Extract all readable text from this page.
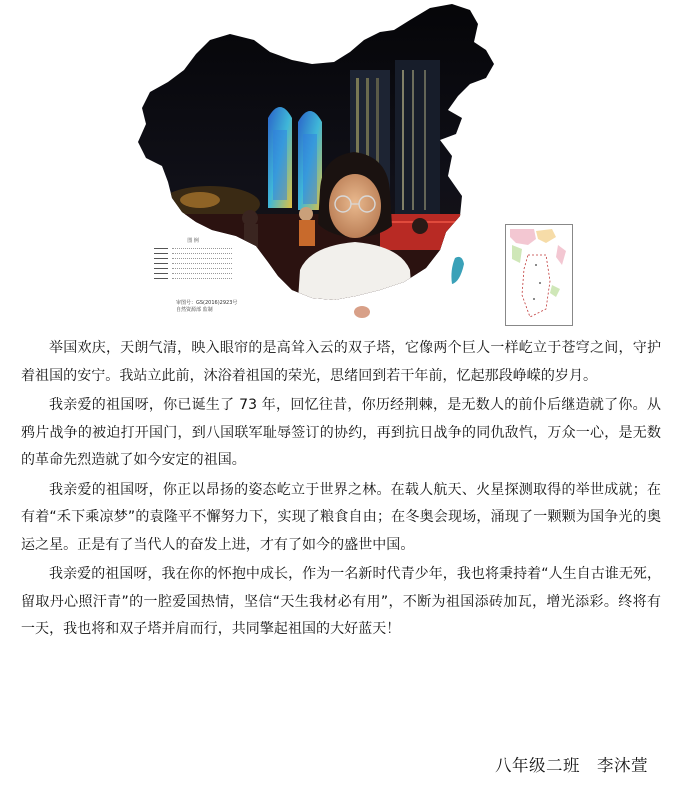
图 例
审图号：GS(2016)2923号
自然资源部 监制

举国欢庆，天朗气清，映入眼帘的是高耸入云的双子塔，它像两个巨人一样屹立于苍穹之间，守护着祖国的安宁。我站立此前，沐浴着祖国的荣光，思绪回到若干年前，忆起那段峥嵘的岁月。

我亲爱的祖国呀，你已诞生了 73 年，回忆往昔，你历经荆棘，是无数人的前仆后继造就了你。从鸦片战争的被迫打开国门，到八国联军耻辱签订的协约，再到抗日战争的同仇敌忾，万众一心，是无数的革命先烈造就了如今安定的祖国。

我亲爱的祖国呀，你正以昂扬的姿态屹立于世界之林。在载人航天、火星探测取得的举世成就；在有着“禾下乘凉梦”的袁隆平不懈努力下，实现了粮食自由；在冬奥会现场，涌现了一颗颗为国争光的奥运之星。正是有了当代人的奋发上进，才有了如今的盛世中国。

我亲爱的祖国呀，我在你的怀抱中成长，作为一名新时代青少年，我也将秉持着“人生自古谁无死，留取丹心照汗青”的一腔爱国热情，坚信“天生我材必有用”，不断为祖国添砖加瓦，增光添彩。终将有一天，我也将和双子塔并肩而行，共同擎起祖国的大好蓝天！

八年级二班　李沐萱
